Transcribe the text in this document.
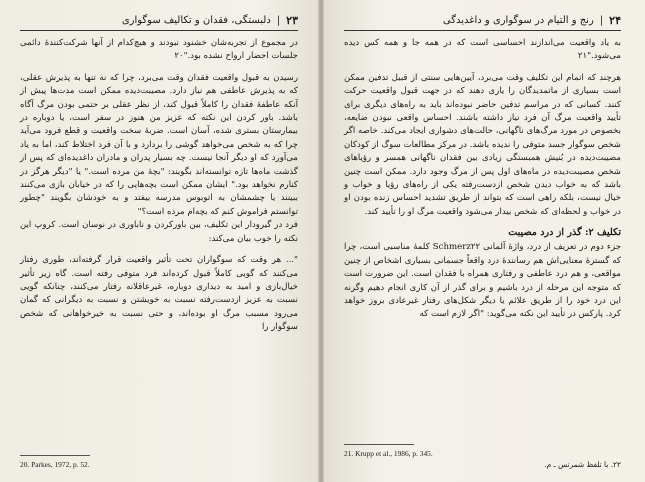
۲۳
|
دلبستگی، فقدان و تکالیف سوگواری

در مجموع از تجربه‌شان خشنود نبودند و هیچ‌کدام از آنها شرکت‌کنندهٔ دائمی جلسات احضار ارواح نشده بود."۲۰

رسیدن به قبول واقعیت فقدان وقت می‌برد، چرا که نه تنها به پذیرش عقلی، که به پذیرش عاطفی هم نیاز دارد. مصیبت‌دیده ممکن است مدت‌ها پیش از آنکه عاطفهٔ فقدان را کاملاً قبول کند، از نظر عقلی بر حتمی بودن مرگ آگاه باشد. باور کردن این نکته که عزیز من هنوز در سفر است، یا دوباره در بیمارستان بستری شده، آسان است. ضربهٔ سخت واقعیت و قطع فرود می‌آید چرا که به شخص می‌خواهد گوشی را بردارد و با آن فرد اختلاط کند، اما به یاد می‌آورد که او دیگر آنجا نیست. چه بسیار پدران و مادران داغدیده‌ای که پس از گذشت ماه‌ها تازه توانسته‌اند بگویند: "بچهٔ من مرده است." یا "دیگر هرگز در کنارم نخواهد بود." ایشان ممکن است بچه‌هایی را که در خیابان بازی می‌کنند ببینند یا چشمشان به اتوبوس مدرسه بیفتد و به خودشان بگویند "چطور توانستم فراموش کنم که بچه‌ام مرده است؟"

فرد در گیرودار این تکلیف، بین باورکردن و ناباوری در نوسان است. کروپ این نکته را خوب بیان می‌کند:

"... هر وقت که سوگواران تحت تأثیر واقعیت قرار گرفته‌اند، طوری رفتار می‌کنند که گویی کاملاً قبول کرده‌اند فرد متوفی رفته است. گاه زیر تأثیر خیال‌بازی و امید به دیداری دوباره، غیرعاقلانه رفتار می‌کنند، چنانکه گویی نسبت به عزیز ازدست‌رفته نسبت به خویشتن و نسبت به دیگرانی که گمان می‌رود مسبب مرگ او بوده‌اند، و حتی نسبت به خیرخواهانی که شخص سوگوار را

20. Parkes, 1972, p. 52.
۲۴
|
رنج و التیام در سوگواری و داغدیدگی

به یاد واقعیت می‌اندازند احساسی است که در همه جا و همه کس دیده می‌شود."۲۱

هرچند که اتمام این تکلیف وقت می‌برد، آیین‌هایی سنتی از قبیل تدفین ممکن است بسیاری از ماتمدیدگان را یاری دهند که در جهت قبول واقعیت حرکت کنند. کسانی که در مراسم تدفین حاضر نبوده‌اند باید به راه‌های دیگری برای تأیید واقعیت مرگ آن فرد نیاز داشته باشند. احساس واقعی نبودن ضایعه، بخصوص در مورد مرگ‌های ناگهانی، حالت‌های دشواری ایجاد می‌کند. خاصه اگر شخص سوگوار جسد متوفی را ندیده باشد. در مرکز مطالعات سوگ از کودکان مصیبت‌دیده در بُنیش همبستگی زیادی بین فقدان ناگهانی همسر و رؤیاهای شخص مصیبت‌دیده در ماه‌های اول پس از مرگ وجود دارد. ممکن است چنین باشد که به خواب دیدن شخص ازدست‌رفته یکی از راه‌های رؤیا و خواب و خیال نیست، بلکه راهی است که بتواند از طریق تشدید احساس زنده بودن او در خواب و لحظه‌ای که شخص بیدار می‌شود واقعیت مرگ او را تأیید کند.

تکلیف ۲: گذر از درد مصیبت

جزء دوم در تعریف از درد، واژهٔ آلمانی Schmerz۲۲ کلمهٔ مناسبی است، چرا که گسترهٔ معنایی‌اش هم رسانندهٔ درد واقعاً جسمانی بسیاری اشخاص از چنین مواقعی، و هم درد عاطفی و رفتاری همراه با فقدان است. این ضرورت است که متوجه این مرحله از درد باشیم و برای گذر از آن کاری انجام دهیم وگرنه این درد خود را از طریق علائم یا دیگر شکل‌های رفتار غیرعادی بروز خواهد کرد. پارکس در تأیید این نکته می‌گوید: "اگر لازم است که

21. Krupp et al., 1986, p. 345.
۲۲. با تلفظ شمرتس ـ م.
